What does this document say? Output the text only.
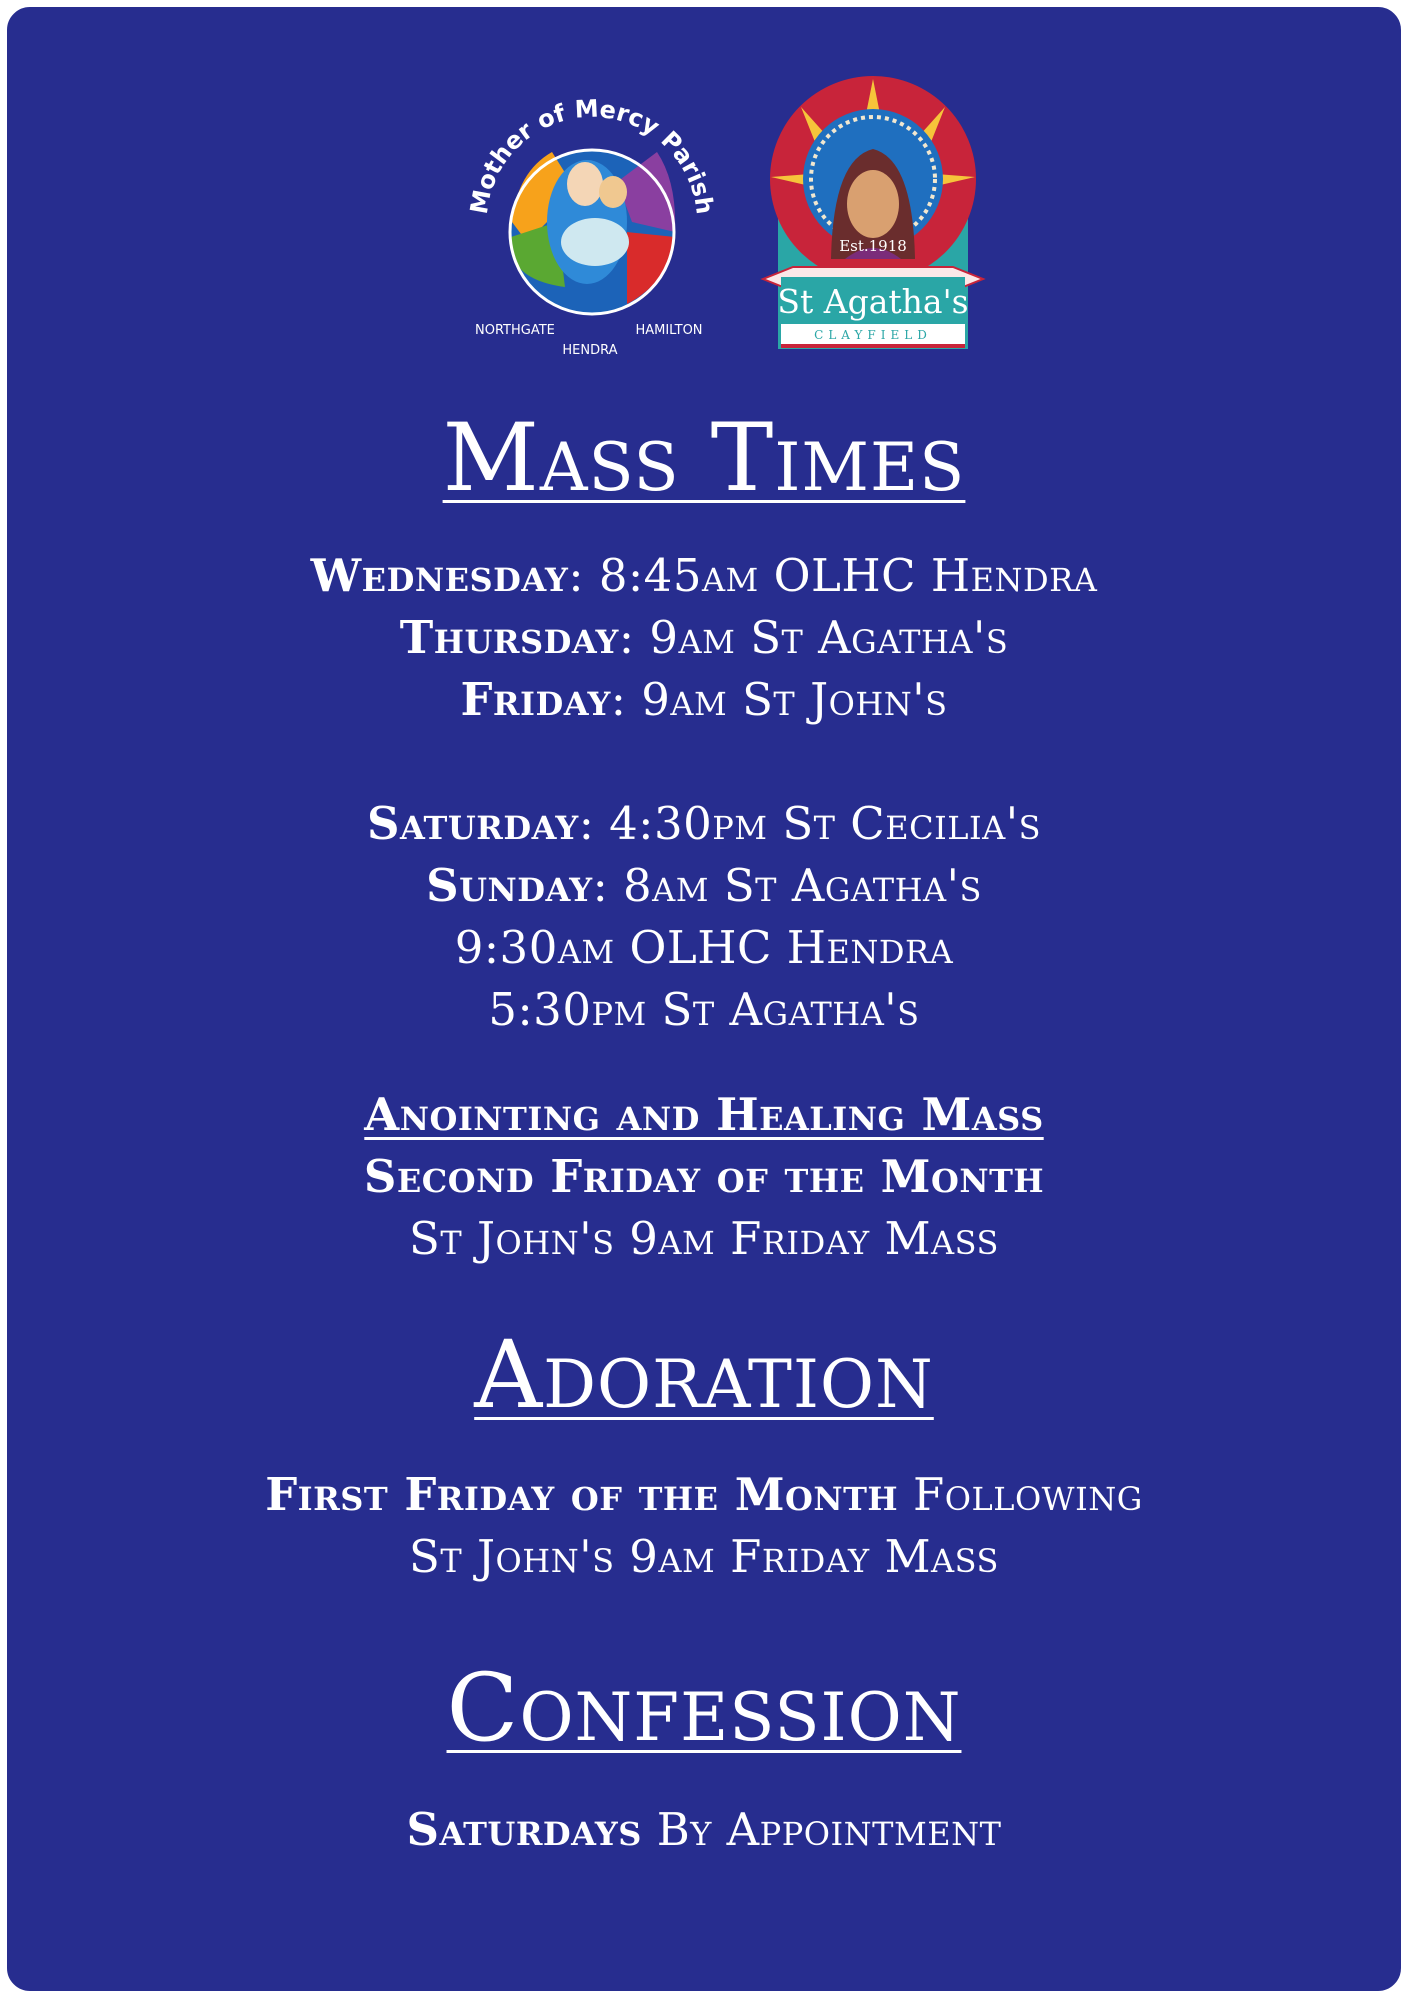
Mother of Mercy Parish
NORTHGATE HENDRA HAMILTON
Est.1918
St Agatha's
CLAYFIELD
Mass Times
Wednesday: 8:45am OLHC Hendra
Thursday: 9am St Agatha's
Friday: 9am St John's
Saturday: 4:30pm St Cecilia's
Sunday: 8am St Agatha's
9:30am OLHC Hendra
5:30pm St Agatha's
Anointing and Healing Mass
Second Friday of the Month
St John's 9am Friday Mass
Adoration
First Friday of the Month Following
St John's 9am Friday Mass
Confession
Saturdays By Appointment
